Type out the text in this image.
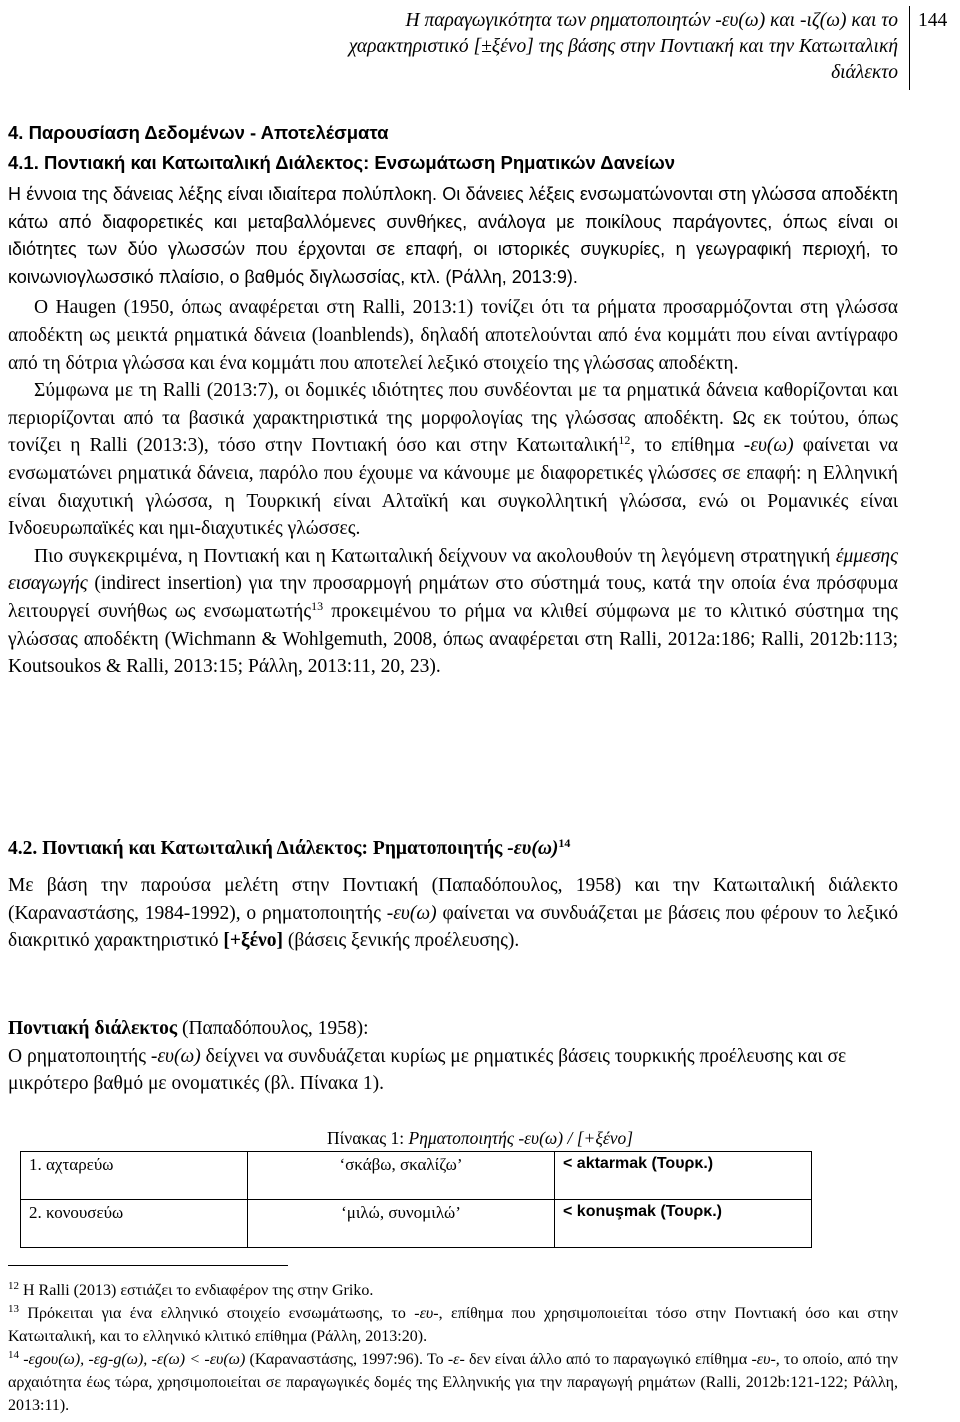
Η παραγωγικότητα των ρηματοποιητών -ευ(ω) και -ιζ(ω) και το
χαρακτηριστικό [±ξένο] της βάσης στην Ποντιακή και την Κατωιταλική
διάλεκτο
144
4. Παρουσίαση Δεδομένων - Αποτελέσματα
4.1. Ποντιακή και Κατωιταλική Διάλεκτος: Ενσωμάτωση Ρηματικών Δανείων

Η έννοια της δάνειας λέξης είναι ιδιαίτερα πολύπλοκη. Οι δάνειες λέξεις ενσωματώνονται στη γλώσσα αποδέκτη κάτω από διαφορετικές και μεταβαλλόμενες συνθήκες, ανάλογα με ποικίλους παράγοντες, όπως είναι οι ιδιότητες των δύο γλωσσών που έρχονται σε επαφή, οι ιστορικές συγκυρίες, η γεωγραφική περιοχή, το κοινωνιογλωσσικό πλαίσιο, ο βαθμός διγλωσσίας, κτλ. (Ράλλη, 2013:9).

Ο Haugen (1950, όπως αναφέρεται στη Ralli, 2013:1) τονίζει ότι τα ρήματα προσαρμόζονται στη γλώσσα αποδέκτη ως μεικτά ρηματικά δάνεια (loanblends), δηλαδή αποτελούνται από ένα κομμάτι που είναι αντίγραφο από τη δότρια γλώσσα και ένα κομμάτι που αποτελεί λεξικό στοιχείο της γλώσσας αποδέκτη.

Σύμφωνα με τη Ralli (2013:7), οι δομικές ιδιότητες που συνδέονται με τα ρηματικά δάνεια καθορίζονται και περιορίζονται από τα βασικά χαρακτηριστικά της μορφολογίας της γλώσσας αποδέκτη. Ως εκ τούτου, όπως τονίζει η Ralli (2013:3), τόσο στην Ποντιακή όσο και στην Κατωιταλική$^{12}$, το επίθημα -ευ(ω) φαίνεται να ενσωματώνει ρηματικά δάνεια, παρόλο που έχουμε να κάνουμε με διαφορετικές γλώσσες σε επαφή: η Ελληνική είναι διαχυτική γλώσσα, η Τουρκική είναι Αλταϊκή και συγκολλητική γλώσσα, ενώ οι Ρομανικές είναι Ινδοευρωπαϊκές και ημι-διαχυτικές γλώσσες.

Πιο συγκεκριμένα, η Ποντιακή και η Κατωιταλική δείχνουν να ακολουθούν τη λεγόμενη στρατηγική έμμεσης εισαγωγής (indirect insertion) για την προσαρμογή ρημάτων στο σύστημά τους, κατά την οποία ένα πρόσφυμα λειτουργεί συνήθως ως ενσωματωτής$^{13}$ προκειμένου το ρήμα να κλιθεί σύμφωνα με το κλιτικό σύστημα της γλώσσας αποδέκτη (Wichmann & Wohlgemuth, 2008, όπως αναφέρεται στη Ralli, 2012a:186; Ralli, 2012b:113; Koutsoukos & Ralli, 2013:15; Ράλλη, 2013:11, 20, 23).

4.2. Ποντιακή και Κατωιταλική Διάλεκτος: Ρηματοποιητής $-\varepsilon\upsilon(\omega)^{14}$

Με βάση την παρούσα μελέτη στην Ποντιακή (Παπαδόπουλος, 1958) και την Κατωιταλική διάλεκτο (Καραναστάσης, 1984-1992), ο ρηματοποιητής -ευ(ω) φαίνεται να συνδυάζεται με βάσεις που φέρουν το λεξικό διακριτικό χαρακτηριστικό [+ξένο] (βάσεις ξενικής προέλευσης).

Ποντιακή διάλεκτος (Παπαδόπουλος, 1958):

Ο ρηματοποιητής -ευ(ω) δείχνει να συνδυάζεται κυρίως με ρηματικές βάσεις τουρκικής προέλευσης και σε μικρότερο βαθμό με ονοματικές (βλ. Πίνακα 1).

Πίνακας 1: Ρηματοποιητής -ευ(ω) / [+ξένο]
1. αχταρεύω	‘σκάβω, σκαλίζω’	< aktarmak (Τουρκ.)
2. κονουσεύω	‘μιλώ, συνομιλώ’	< konuşmak (Τουρκ.)

$^{12}$ Η Ralli (2013) εστιάζει το ενδιαφέρον της στην Griko.

$^{13}$ Πρόκειται για ένα ελληνικό στοιχείο ενσωμάτωσης, το -ευ-, επίθημα που χρησιμοποιείται τόσο στην Ποντιακή όσο και στην Κατωιταλική, και το ελληνικό κλιτικό επίθημα (Ράλλη, 2013:20).

$^{14}$ -εgου(ω), -εg-g(ω), -ε(ω) < -ευ(ω) (Καραναστάσης, 1997:96). Το -ε- δεν είναι άλλο από το παραγωγικό επίθημα -ευ-, το οποίο, από την αρχαιότητα έως τώρα, χρησιμοποιείται σε παραγωγικές δομές της Ελληνικής για την παραγωγή ρημάτων (Ralli, 2012b:121-122; Ράλλη, 2013:11).
